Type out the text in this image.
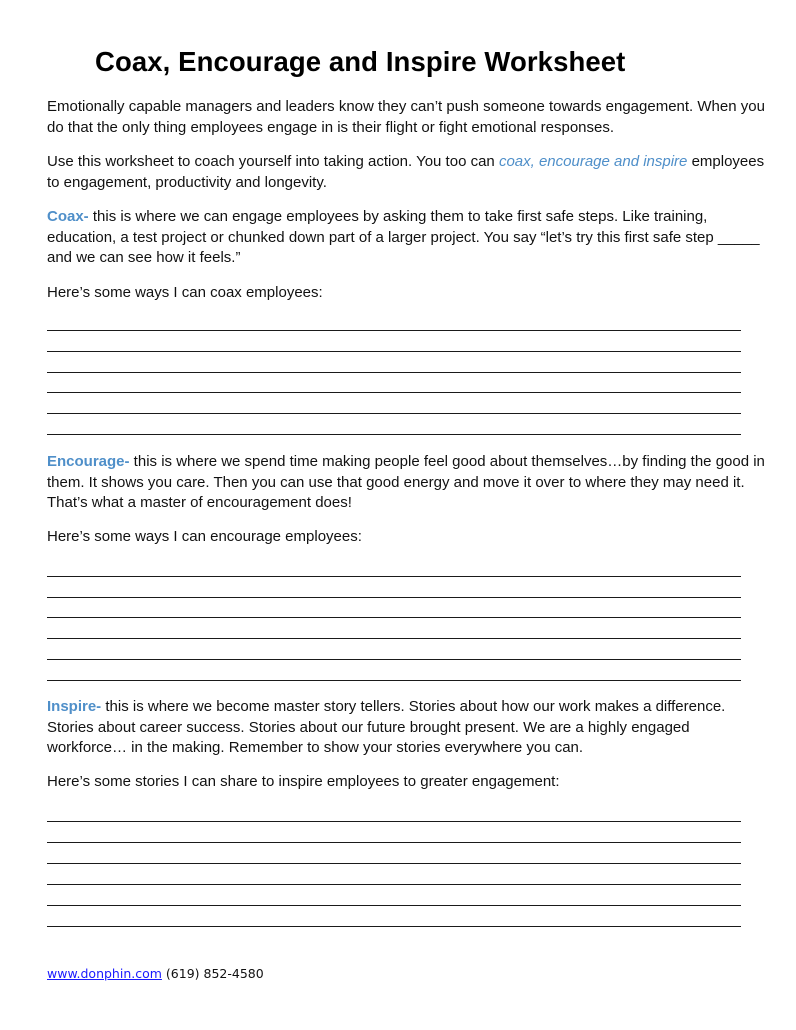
Coax, Encourage and Inspire Worksheet

Emotionally capable managers and leaders know they can’t push someone towards engagement. When you do that the only thing employees engage in is their flight or fight emotional responses.

Use this worksheet to coach yourself into taking action. You too can coax, encourage and inspire employees to engagement, productivity and longevity.

Coax- this is where we can engage employees by asking them to take first safe steps. Like training, education, a test project or chunked down part of a larger project. You say “let’s try this first safe step _____ and we can see how it feels.”

Here’s some ways I can coax employees:

Encourage- this is where we spend time making people feel good about themselves…by finding the good in them. It shows you care. Then you can use that good energy and move it over to where they may need it. That’s what a master of encouragement does!

Here’s some ways I can encourage employees:

Inspire- this is where we become master story tellers. Stories about how our work makes a difference. Stories about career success. Stories about our future brought present. We are a highly engaged workforce… in the making. Remember to show your stories everywhere you can.

Here’s some stories I can share to inspire employees to greater engagement:

www.donphin.com (619) 852-4580
